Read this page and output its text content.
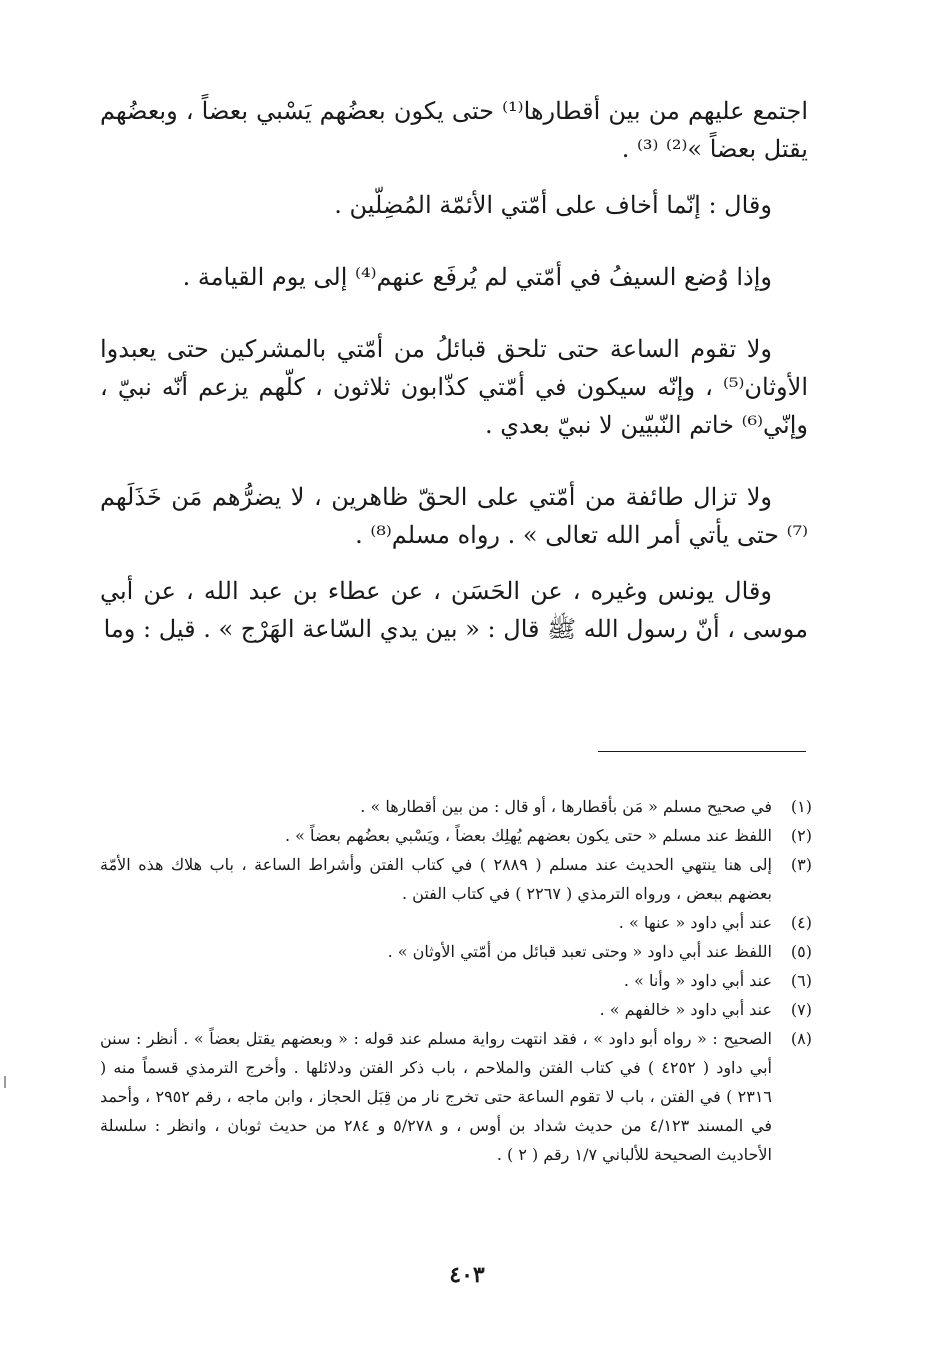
اجتمع عليهم من بين أقطارها⁽¹⁾ حتى يكون بعضُهم يَسْبي بعضاً ، وبعضُهم يقتل بعضاً »⁽²⁾ ⁽³⁾ .

وقال : إنّما أخاف على أمّتي الأئمّة المُضِلّين .

وإذا وُضع السيفُ في أمّتي لم يُرفَع عنهم⁽⁴⁾ إلى يوم القيامة .

ولا تقوم الساعة حتى تلحق قبائلُ من أمّتي بالمشركين حتى يعبدوا الأوثان⁽⁵⁾ ، وإنّه سيكون في أمّتي كذّابون ثلاثون ، كلّهم يزعم أنّه نبيّ ، وإنّي⁽⁶⁾ خاتم النّبيّين لا نبيّ بعدي .

ولا تزال طائفة من أمّتي على الحقّ ظاهرين ، لا يضرُّهم مَن خَذَلَهم ⁽⁷⁾ حتى يأتي أمر الله تعالى » . رواه مسلم⁽⁸⁾ .

وقال يونس وغيره ، عن الحَسَن ، عن عطاء بن عبد الله ، عن أبي موسى ، أنّ رسول الله ﷺ قال : « بين يدي السّاعة الهَرْج » . قيل : وما

(١)في صحيح مسلم « مَن بأقطارها ، أو قال : من بين أقطارها » .

(٢)اللفظ عند مسلم « حتى يكون بعضهم يُهلِك بعضاً ، ويَسْبي بعضُهم بعضاً » .

(٣)إلى هنا ينتهي الحديث عند مسلم ( ٢٨٨٩ ) في كتاب الفتن وأشراط الساعة ، باب هلاك هذه الأمّة بعضهم ببعض ، ورواه الترمذي ( ٢٢٦٧ ) في كتاب الفتن .

(٤)عند أبي داود « عنها » .

(٥)اللفظ عند أبي داود « وحتى تعبد قبائل من أمّتي الأوثان » .

(٦)عند أبي داود « وأنا » .

(٧)عند أبي داود « خالفهم » .

(٨)الصحيح : « رواه أبو داود » ، فقد انتهت رواية مسلم عند قوله : « وبعضهم يقتل بعضاً » . أنظر : سنن أبي داود ( ٤٢٥٢ ) في كتاب الفتن والملاحم ، باب ذكر الفتن ودلائلها . وأخرج الترمذي قسماً منه ( ٢٣١٦ ) في الفتن ، باب لا تقوم الساعة حتى تخرج نار من قِبَل الحجاز ، وابن ماجه ، رقم ٢٩٥٢ ، وأحمد في المسند ٤/١٢٣ من حديث شداد بن أوس ، و ٥/٢٧٨ و ٢٨٤ من حديث ثوبان ، وانظر : سلسلة الأحاديث الصحيحة للألباني ١/٧ رقم ( ٢ ) .

٤٠٣
